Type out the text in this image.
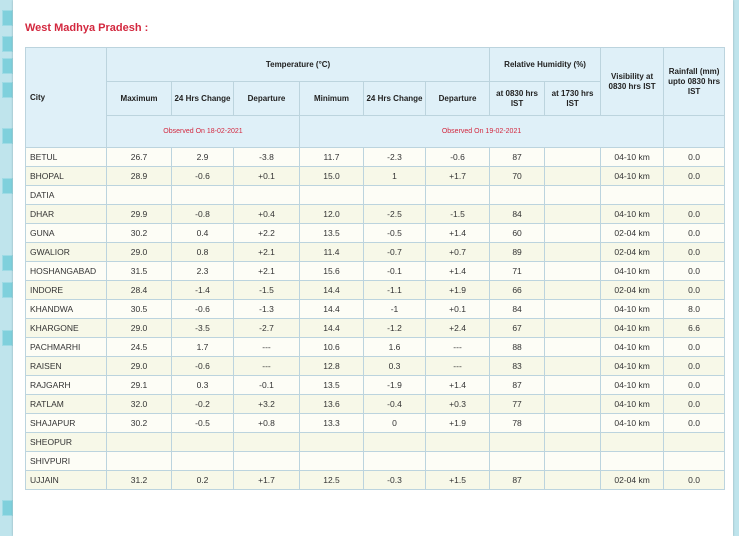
West Madhya Pradesh :
City	Temperature (°C)						Relative Humidity (%)		Visibility at 0830 hrs IST	Rainfall (mm) upto 0830 hrs IST	
	Maximum	24 Hrs Change	Departure	Minimum	24 Hrs Change	Departure	at 0830 hrs IST	at 1730 hrs IST			
	Observed On 18-02-2021			Observed On 19-02-2021							
BETUL	26.7	2.9	-3.8	11.7	-2.3	-0.6	87		04-10 km	0.0	
BHOPAL	28.9	-0.6	+0.1	15.0	1	+1.7	70		04-10 km	0.0	
DATIA											
DHAR	29.9	-0.8	+0.4	12.0	-2.5	-1.5	84		04-10 km	0.0	
GUNA	30.2	0.4	+2.2	13.5	-0.5	+1.4	60		02-04 km	0.0	
GWALIOR	29.0	0.8	+2.1	11.4	-0.7	+0.7	89		02-04 km	0.0	
HOSHANGABAD	31.5	2.3	+2.1	15.6	-0.1	+1.4	71		04-10 km	0.0	
INDORE	28.4	-1.4	-1.5	14.4	-1.1	+1.9	66		02-04 km	0.0	
KHANDWA	30.5	-0.6	-1.3	14.4	-1	+0.1	84		04-10 km	8.0	
KHARGONE	29.0	-3.5	-2.7	14.4	-1.2	+2.4	67		04-10 km	6.6	
PACHMARHI	24.5	1.7	---	10.6	1.6	---	88		04-10 km	0.0	
RAISEN	29.0	-0.6	---	12.8	0.3	---	83		04-10 km	0.0	
RAJGARH	29.1	0.3	-0.1	13.5	-1.9	+1.4	87		04-10 km	0.0	
RATLAM	32.0	-0.2	+3.2	13.6	-0.4	+0.3	77		04-10 km	0.0	
SHAJAPUR	30.2	-0.5	+0.8	13.3	0	+1.9	78		04-10 km	0.0	
SHEOPUR											
SHIVPURI											
UJJAIN	31.2	0.2	+1.7	12.5	-0.3	+1.5	87		02-04 km	0.0	
